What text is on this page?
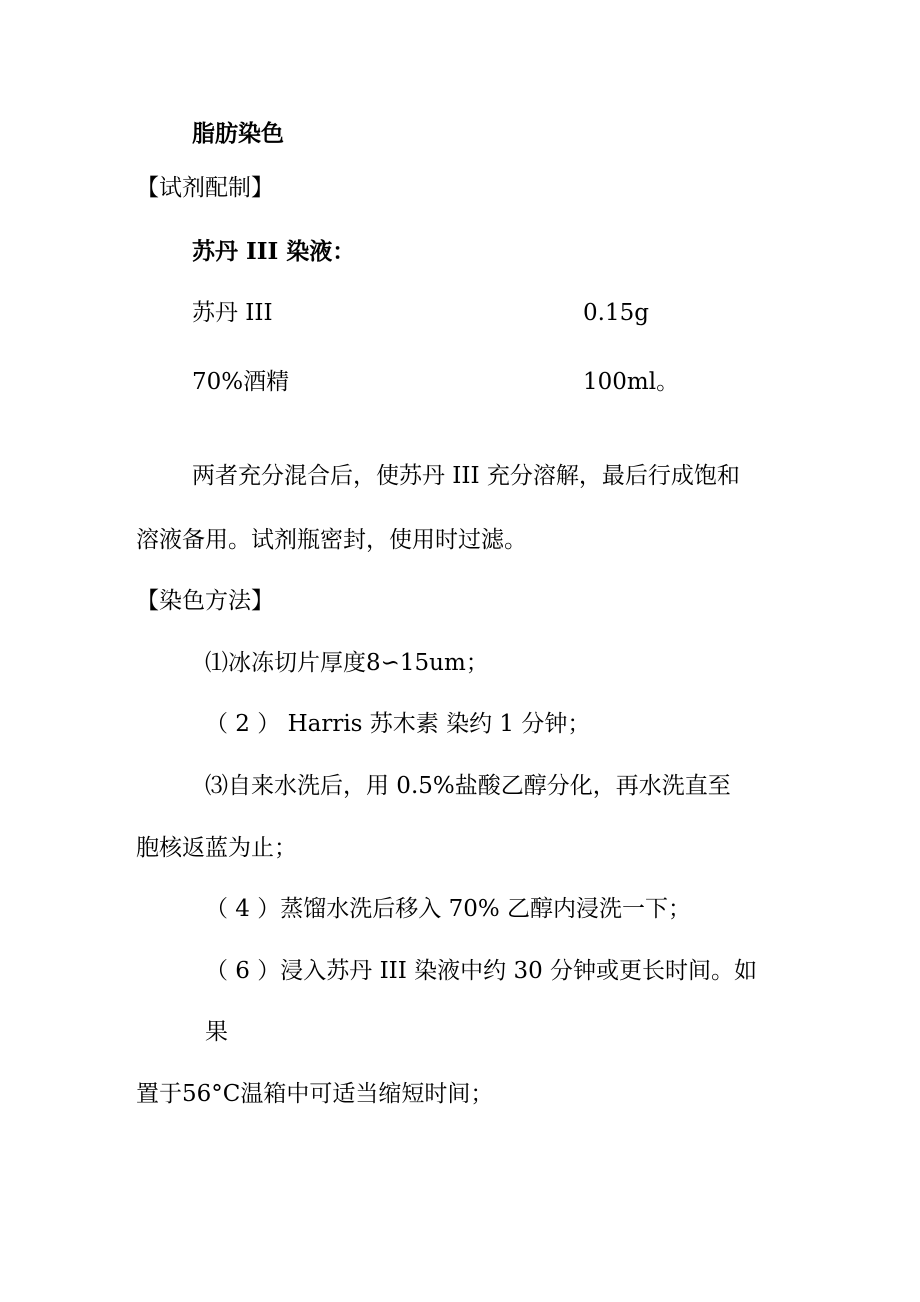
脂肪染色
【试剂配制】
苏丹 III 染液：
苏丹 III	0.15g
70%酒精	100ml。
两者充分混合后，使苏丹 III 充分溶解，最后行成饱和
溶液备用。试剂瓶密封，使用时过滤。
【染色方法】
⑴冰冻切片厚度8∽15um；
（ 2 ） Harris 苏木素 染约 1 分钟；
⑶自来水洗后，用 0.5%盐酸乙醇分化，再水洗直至
胞核返蓝为止；
（ 4 ）蒸馏水洗后移入 70% 乙醇内浸洗一下；
（ 6 ）浸入苏丹 III 染液中约 30 分钟或更长时间。如
果
置于56°C温箱中可适当缩短时间；
